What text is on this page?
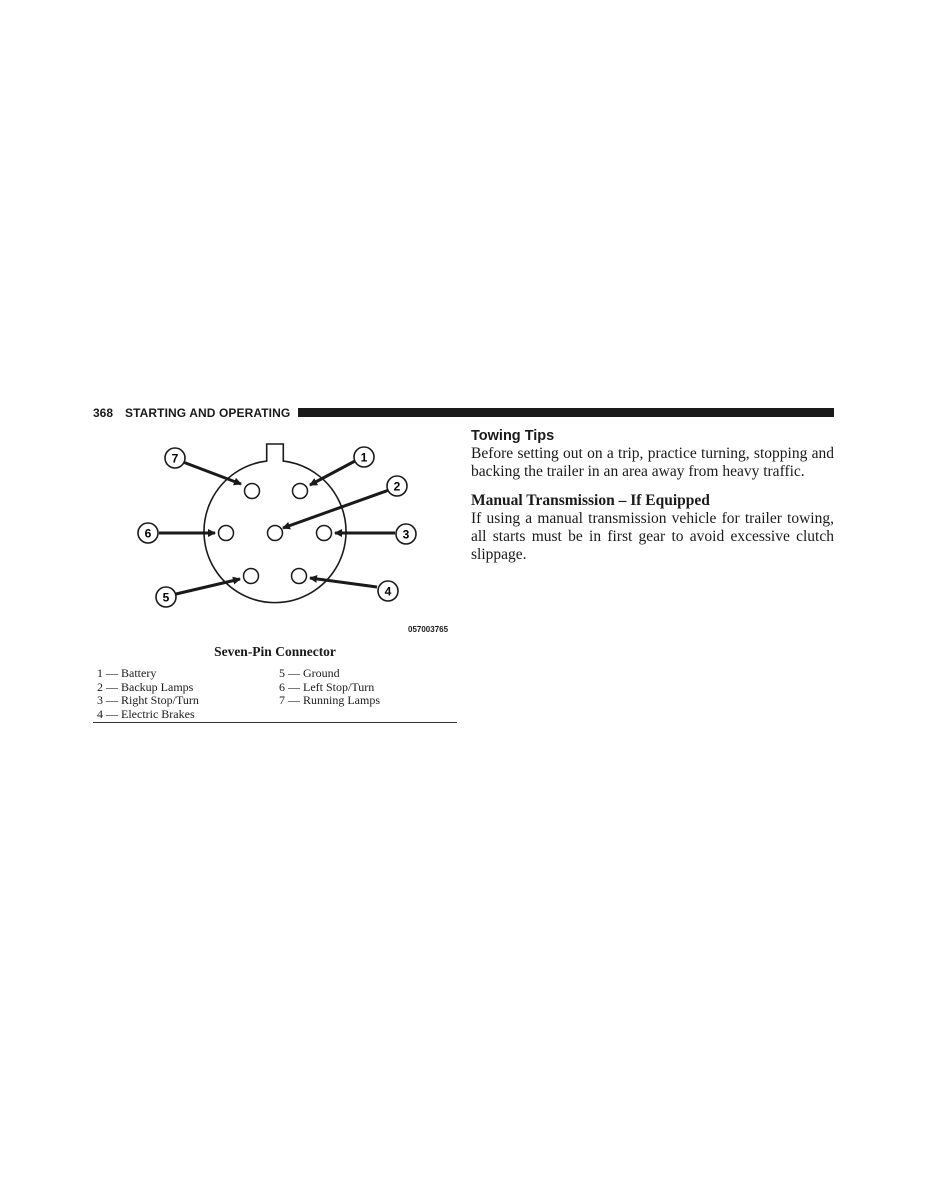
368 STARTING AND OPERATING
7	1
2
6	3
5	4
057003765
Seven-Pin Connector
1 — Battery
2 — Backup Lamps
3 — Right Stop/Turn
4 — Electric Brakes
5 — Ground
6 — Left Stop/Turn
7 — Running Lamps
Towing Tips

Before setting out on a trip, practice turning, stopping and backing the trailer in an area away from heavy traffic.

Manual Transmission – If Equipped

If using a manual transmission vehicle for trailer towing, all starts must be in first gear to avoid excessive clutch slippage.
